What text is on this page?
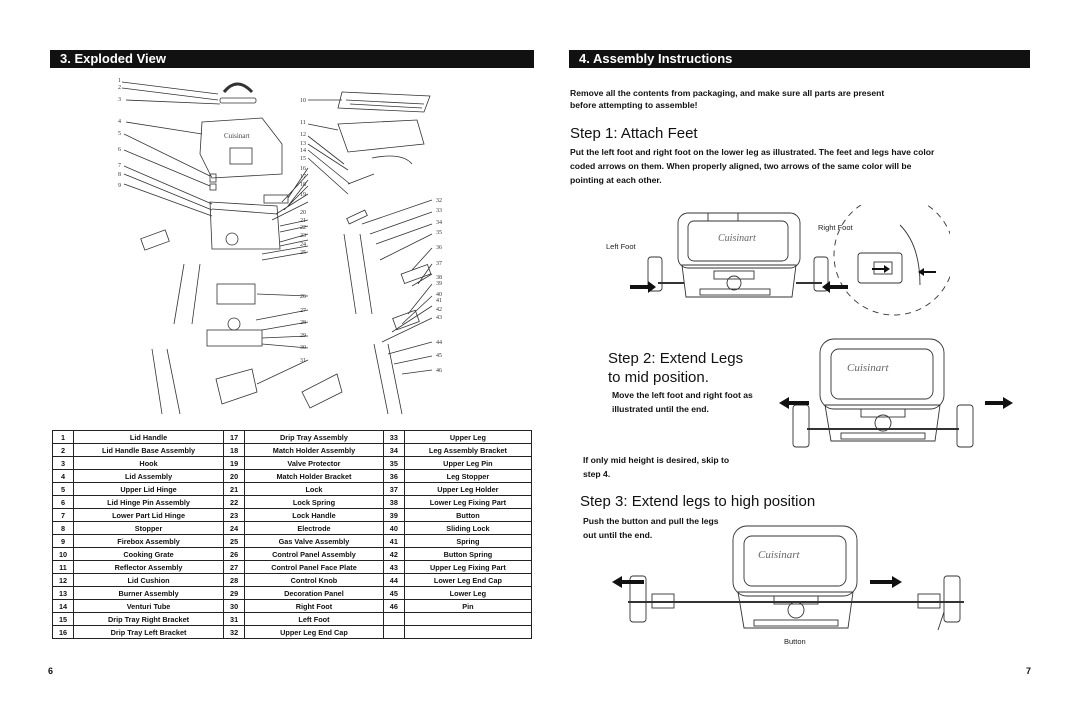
3. Exploded View
Cuisinart
1
2
3
4
5
6
7
8
9
10
11
12
13
14
15
16
17
18
19
20
21
22
23
24
25
26
27
28
29
30
31
32
33
34
35
36
37
38
39
40
41
42
43
44
45
46
1	Lid Handle	17	Drip Tray Assembly	33	Upper Leg
2	Lid Handle Base Assembly	18	Match Holder Assembly	34	Leg Assembly Bracket
3	Hook	19	Valve Protector	35	Upper Leg Pin
4	Lid Assembly	20	Match Holder Bracket	36	Leg Stopper
5	Upper Lid Hinge	21	Lock	37	Upper Leg Holder
6	Lid Hinge Pin Assembly	22	Lock Spring	38	Lower Leg Fixing Part
7	Lower Part Lid Hinge	23	Lock Handle	39	Button
8	Stopper	24	Electrode	40	Sliding Lock
9	Firebox Assembly	25	Gas Valve Assembly	41	Spring
10	Cooking Grate	26	Control Panel Assembly	42	Button Spring
11	Reflector Assembly	27	Control Panel Face Plate	43	Upper Leg Fixing Part
12	Lid Cushion	28	Control Knob	44	Lower Leg End Cap
13	Burner Assembly	29	Decoration Panel	45	Lower Leg
14	Venturi Tube	30	Right Foot	46	Pin
15	Drip Tray Right Bracket	31	Left Foot		
16	Drip Tray Left Bracket	32	Upper Leg End Cap		
6
4. Assembly Instructions
Remove all the contents from packaging, and make sure all parts are present before attempting to assemble!
Step 1: Attach Feet
Put the left foot and right foot on the lower leg as illustrated. The feet and legs have color coded arrows on them. When properly aligned, two arrows of the same color will be pointing at each other.
Cuisinart
Right Foot
Left Foot
Step 2: Extend Legs
to mid position.
Move the left foot and right foot as illustrated until the end.
Cuisinart
If only mid height is desired, skip to step 4.
Step 3: Extend legs to high position
Push the button and pull the legs out until the end.
Cuisinart
Button
7
